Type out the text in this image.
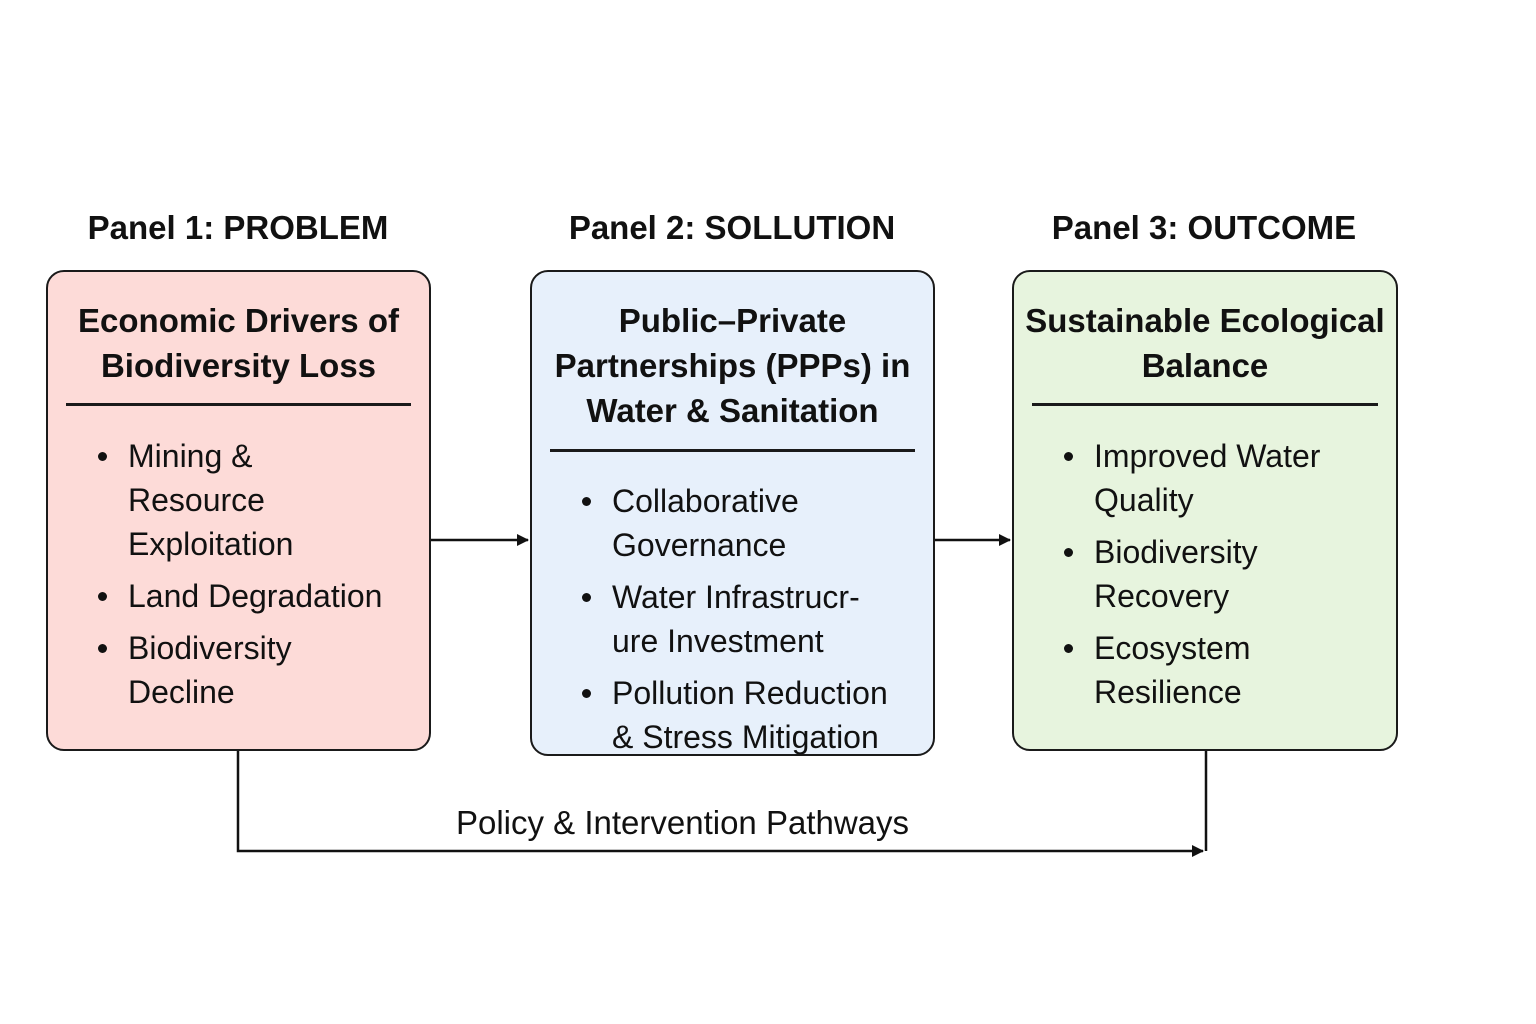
Panel 1: PROBLEM	Panel 2: SOLLUTION	Panel 3: OUTCOME
Economic Drivers of Biodiversity Loss
Mining &
Resource
Exploitation
Land Degradation
Biodiversity
Decline
Public–Private Partnerships (PPPs) in Water & Sanitation
Collaborative
Governance
Water Infrastrucr-
ure Investment
Pollution Reduction
& Stress Mitigation
Sustainable Ecological Balance
Improved Water
Quality
Biodiversity
Recovery
Ecosystem
Resilience
Policy & Intervention Pathways
